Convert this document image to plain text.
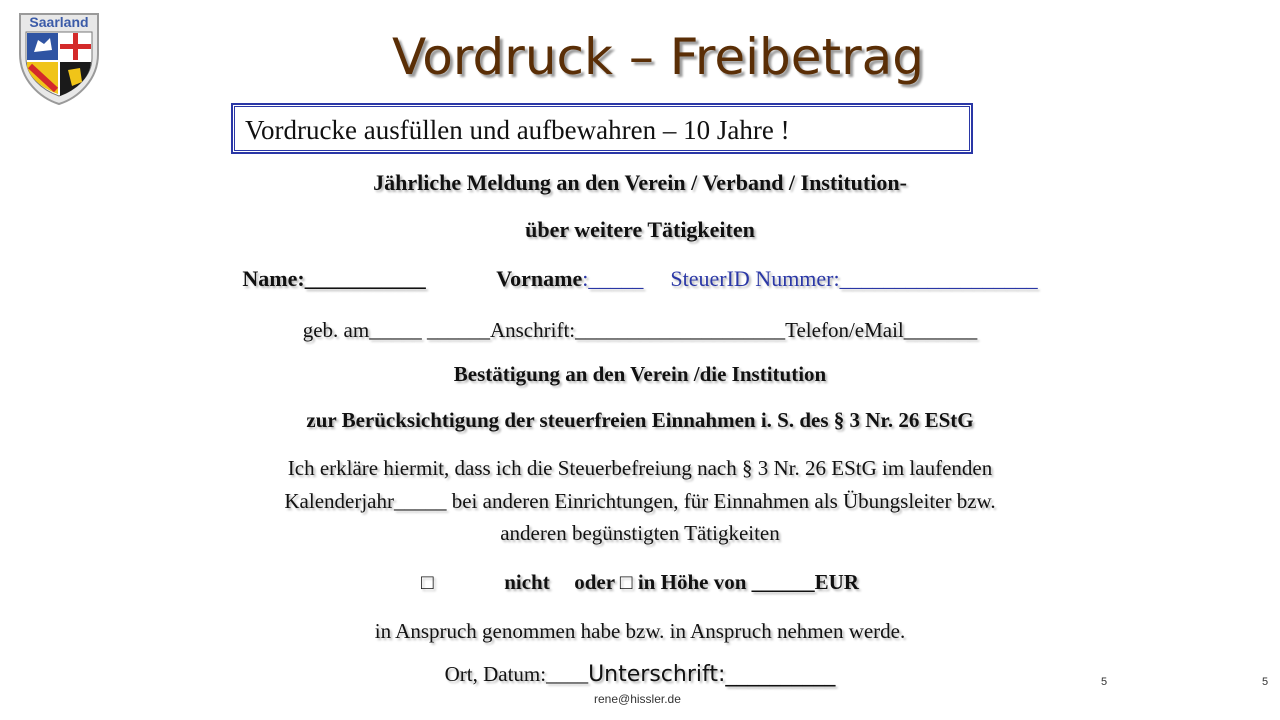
Saarland
Vordruck – Freibetrag
Vordrucke ausfüllen und aufbewahren – 10 Jahre !
Jährliche Meldung an den Verein / Verband / Institution-
über weitere Tätigkeiten
Name:___________	Vorname:_____ SteuerID Nummer:__________________
geb. am_____ ______Anschrift:____________________Telefon/eMail_______
Bestätigung an den Verein /die Institution
zur Berücksichtigung der steuerfreien Einnahmen i. S. des § 3 Nr. 26 EStG
Ich erkläre hiermit, dass ich die Steuerbefreiung nach § 3 Nr. 26 EStG im laufenden
Kalenderjahr_____ bei anderen Einrichtungen, für Einnahmen als Übungsleiter bzw.
anderen begünstigten Tätigkeiten
□	nicht oder □ in Höhe von ______EUR
in Anspruch genommen habe bzw. in Anspruch nehmen werde.
Ort, Datum:____Unterschrift:__________	5	5
rene@hissler.de
